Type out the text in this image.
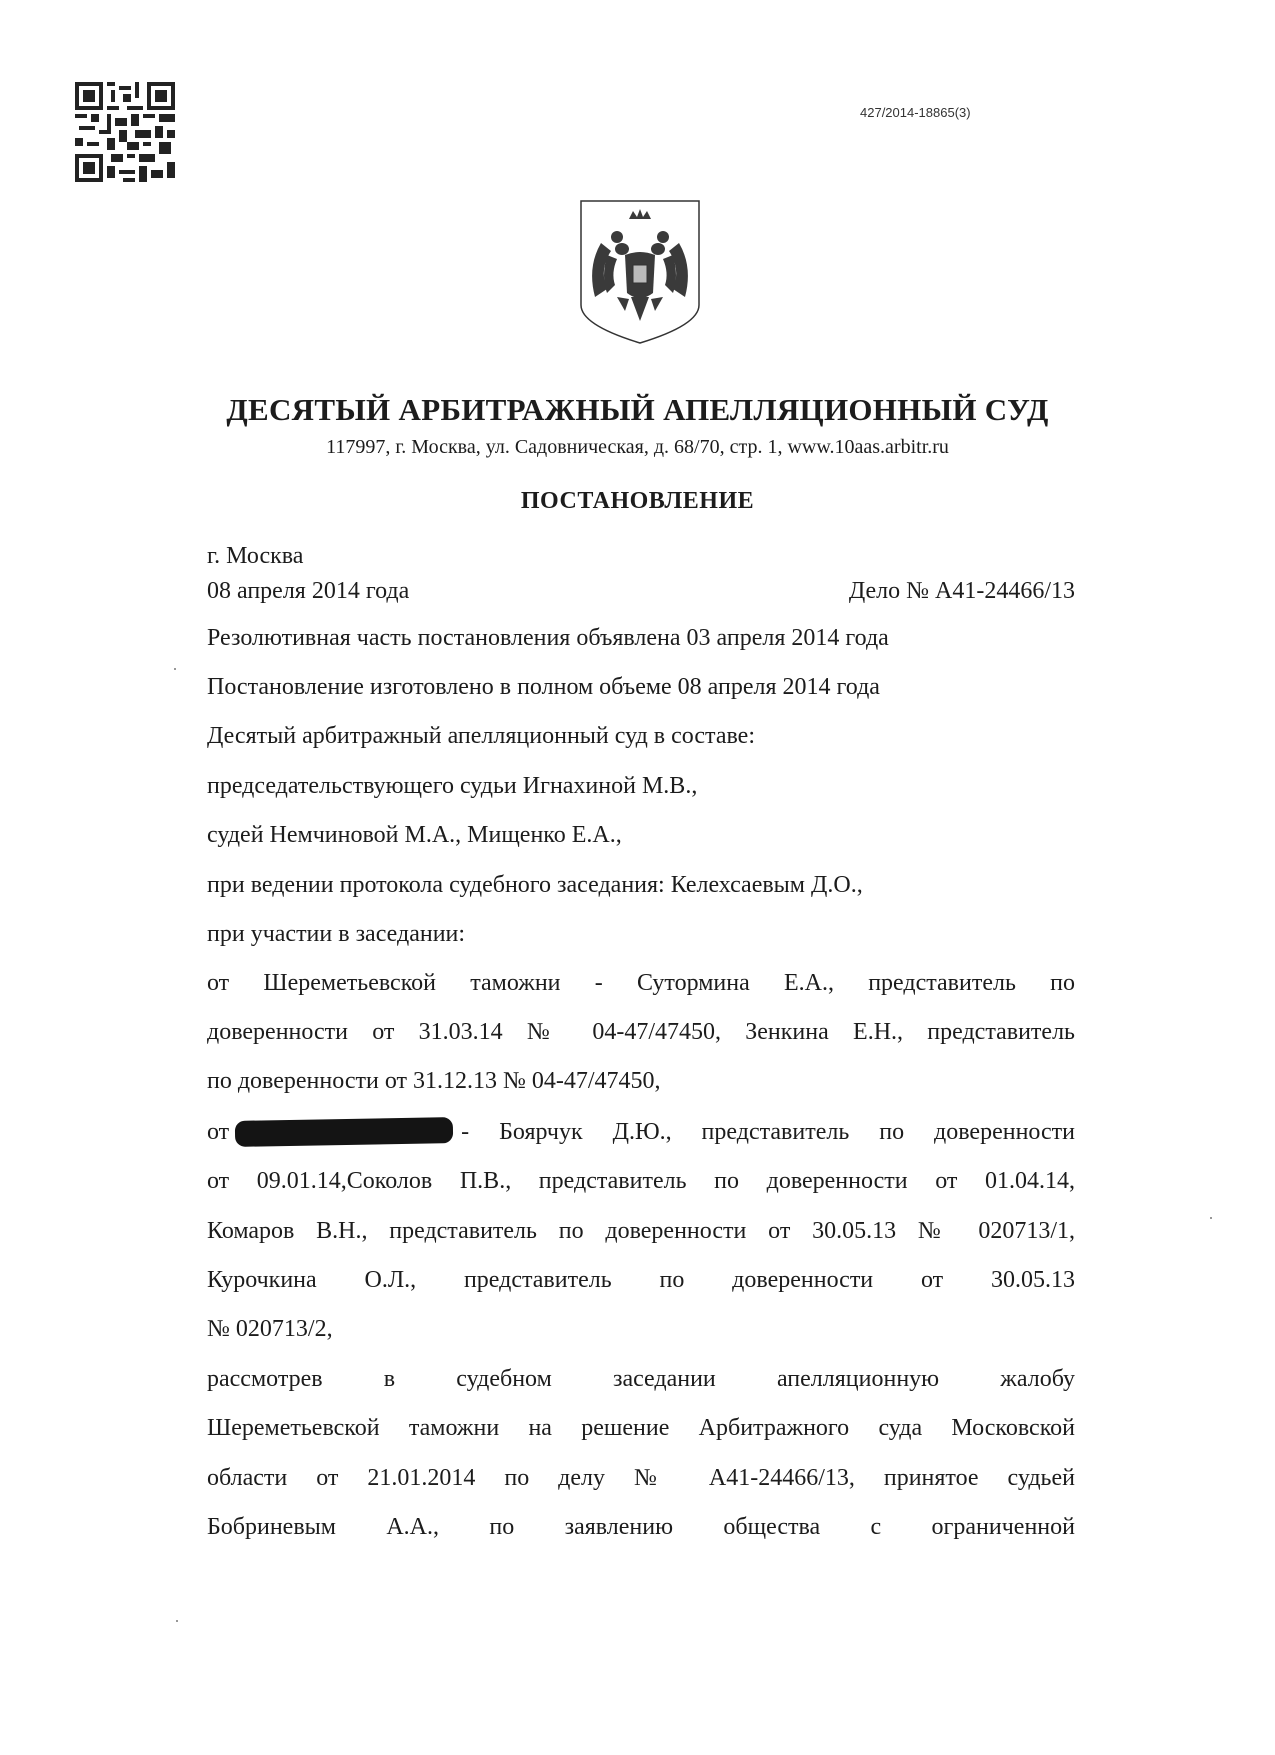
427/2014-18865(3)
ДЕСЯТЫЙ АРБИТРАЖНЫЙ АПЕЛЛЯЦИОННЫЙ СУД
117997, г. Москва, ул. Садовническая, д. 68/70, стр. 1, www.10aas.arbitr.ru
ПОСТАНОВЛЕНИЕ
г. Москва
08 апреля 2014 года	Дело № А41-24466/13
Резолютивная часть постановления объявлена 03 апреля 2014 года
Постановление изготовлено в полном объеме 08 апреля 2014 года
Десятый арбитражный апелляционный суд в составе:
председательствующего судьи Игнахиной М.В.,
судей Немчиновой М.А., Мищенко Е.А.,
при ведении протокола судебного заседания: Келехсаевым Д.О.,
при участии в заседании:
от Шереметьевской таможни - Сутормина Е.А., представитель по
доверенности от 31.03.14 № 04-47/47450, Зенкина Е.Н., представитель
по доверенности от 31.12.13 № 04-47/47450,
от	- Боярчук Д.Ю., представитель по доверенности
от 09.01.14,Соколов П.В., представитель по доверенности от 01.04.14,
Комаров В.Н., представитель по доверенности от 30.05.13 № 020713/1,
Курочкина О.Л., представитель по доверенности от 30.05.13
№ 020713/2,
рассмотрев в судебном заседании апелляционную жалобу
Шереметьевской таможни на решение Арбитражного суда Московской
области от 21.01.2014 по делу № А41-24466/13, принятое судьей
Бобриневым А.А., по заявлению общества с ограниченной
